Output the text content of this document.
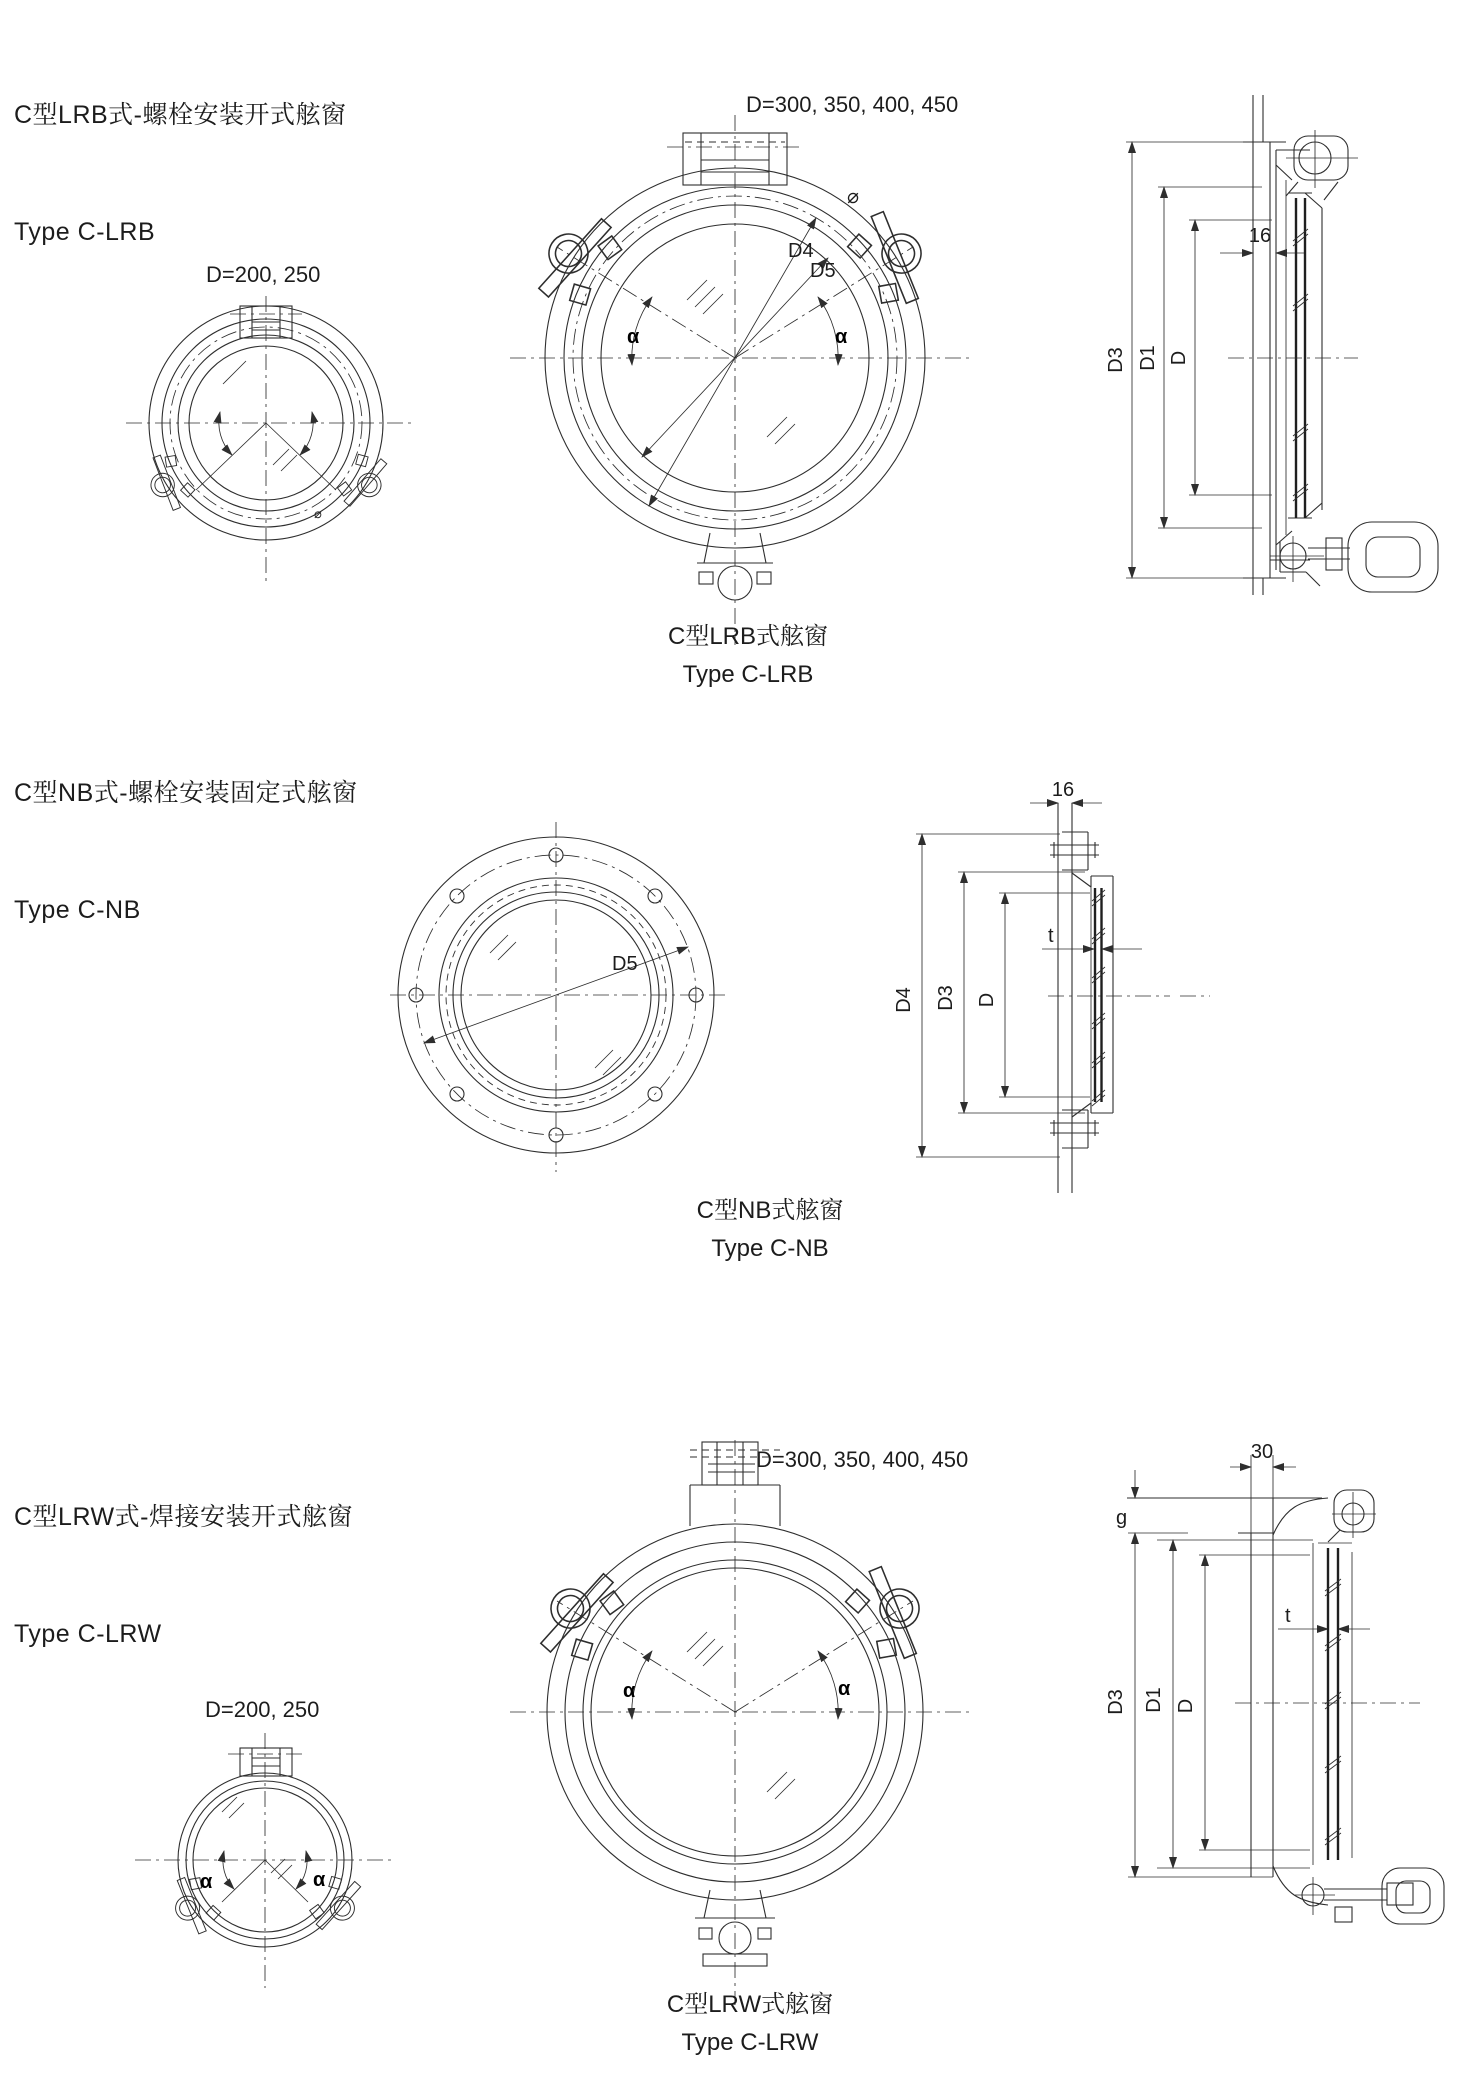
C型LRB式-螺栓安装开式舷窗

Type C-LRB

D=200, 250
D=300, 350, 400, 450
⌀
D4
D5
⌀
α	α
D3 D1 D
16
C型LRB式舷窗
Type C-LRB

C型NB式-螺栓安装固定式舷窗

Type C-NB

D5
16
D4 D3 D
t
C型NB式舷窗
Type C-NB

C型LRW式-焊接安装开式舷窗

Type C-LRW

D=200, 250
D=300, 350, 400, 450
α	α
α	α
30
g
D3 D1 D
t
C型LRW式舷窗
Type C-LRW
